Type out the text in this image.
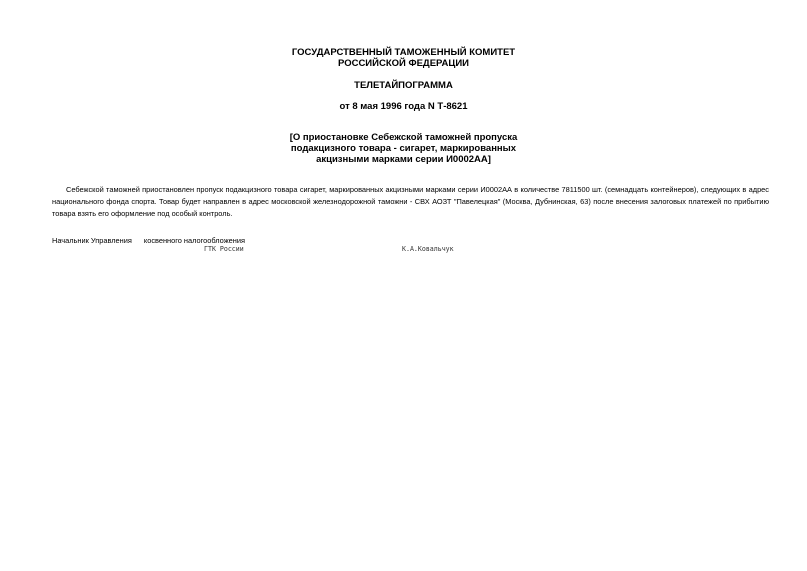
ГОСУДАРСТВЕННЫЙ ТАМОЖЕННЫЙ КОМИТЕТ
РОССИЙСКОЙ ФЕДЕРАЦИИ
ТЕЛЕТАЙПОГРАММА
от 8 мая 1996 года N Т-8621
[О приостановке Себежской таможней пропуска
подакцизного товара - сигарет, маркированных
акцизными марками серии И0002АА]

Себежской таможней приостановлен пропуск подакцизного товара сигарет, маркированных акцизными марками серии И0002АА в количестве 7811500 шт. (семнадцать контейнеров), следующих в адрес национального фонда спорта. Товар будет направлен в адрес московской железнодорожной таможни - СВХ АОЗТ "Павелецкая" (Москва, Дубнинская, 63) после внесения залоговых платежей по прибытию товара взять его оформление под особый контроль.

Начальник Управления косвенного налогообложения
ГТК России	К.А.Ковальчук
